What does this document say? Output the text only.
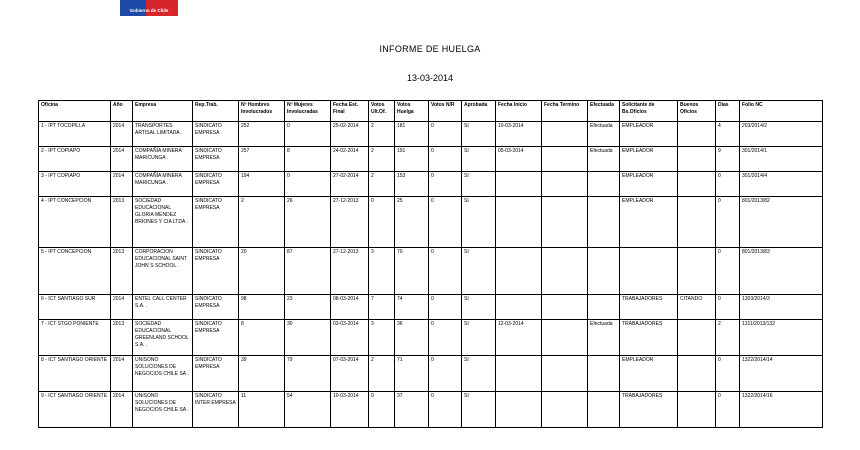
Gobierno de Chile
INFORME DE HUELGA
13-03-2014
Oficina	Año	Empresa	Rep.Trab.	Nº Hombres Involucrados	Nº Mujeres Involucradas	Fecha Est. Final	Votos Ult.Of.	Votos Huelga	Votos N/R	Aprobada	Fecha Inicio	Fecha Termino	Efectuada	Solicitante de Bs.Oficios	Buenos Oficios	Días	Folio NC
1 - IPT TOCOPILLA	2014	TRANSPORTES ARTISAL LIMITADA .	SINDICATO EMPRESA	252	0	25-02-2014	2	181	0	SI	10-03-2014		Efectuada	EMPLEADOR		4	203/2014/2
2 - IPT COPIAPO	2014	COMPAÑÍA MINERA MARICUNGA .	SINDICATO EMPRESA	257	8	24-02-2014	2	191	0	SI	05-03-2014		Efectuada	EMPLEADOR		9	301/2014/1
3 - IPT COPIAPO	2014	COMPAÑÍA MINERA MARICUNGA .	SINDICATO EMPRESA	194	0	27-02-2014	2	153	0	SI				EMPLEADOR		0	301/2014/4
4 - IPT CONCEPCION	2013	SOCIEDAD EDUCACIONAL GLORIA MENDEZ BRIONES Y CIA LTDA .	SINDICATO EMPRESA	2	26	27-12-2013	0	25	0	SI				EMPLEADOR		0	801/2013/82
5 - IPT CONCEPCION	2013	CORPORACION EDUCACIONAL SAINT JOHN´S SCHOOL .	SINDICATO EMPRESA	20	87	27-12-2013	3	70	0	SI						0	801/2013/83
6 - ICT SANTIAGO SUR	2014	ENTEL CALL CENTER S.A. .	SINDICATO EMPRESA	98	23	08-03-2014	7	74	0	SI				TRABAJADORES	CITANDO	0	1303/2014/3
7 - ICT STGO PONIENTE	2013	SOCIEDAD EDUCACIONAL GREENLAND SCHOOL S.A. .	SINDICATO EMPRESA	8	30	03-03-2014	3	36	0	SI	12-03-2014		Efectuada	TRABAJADORES		2	1311/2013/132
8 - ICT SANTIAGO ORIENTE	2014	UNISONO SOLUCIONES DE NEGOCIOS CHILE SA .	SINDICATO EMPRESA	39	79	07-03-2014	2	71	0	SI				EMPLEADOR		0	1322/2014/14
9 - ICT SANTIAGO ORIENTE	2014	UNISONO SOLUCIONES DE NEGOCIOS CHILE SA .	SINDICATO INTER EMPRESA	11	54	10-03-2014	0	37	0	SI				TRABAJADORES		0	1322/2014/16
